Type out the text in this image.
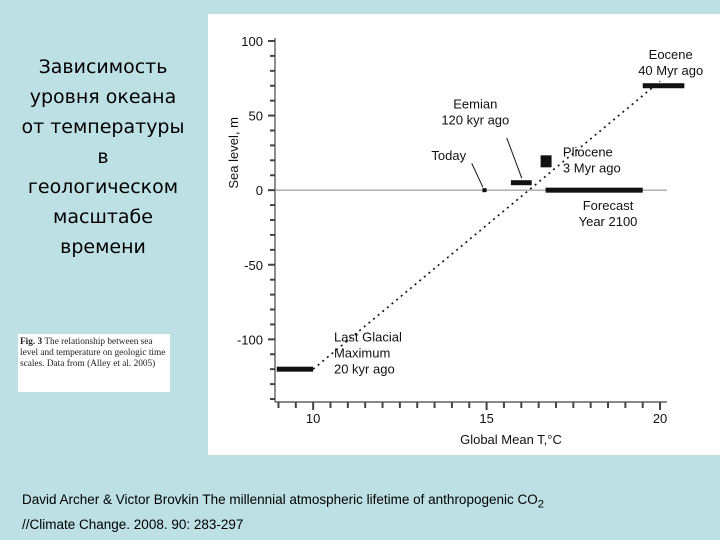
Зависимость
уровня океана
от температуры
в
геологическом
масштабе
времени
Fig. 3 The relationship between sea level and temperature on geologic time scales. Data from (Alley et al. 2005)
100
50
0
-50
-100
10	15	20
Global Mean T,°C
Sea level, m
Eocene
40 Myr ago
Eemian
120 kyr ago
Today	Pliocene
3 Myr ago
Forecast
Year 2100
Last Glacial
Maximum
20 kyr ago
David Archer & Victor Brovkin The millennial atmospheric lifetime of anthropogenic $CO_2$
//Climate Change. 2008. 90: 283-297
